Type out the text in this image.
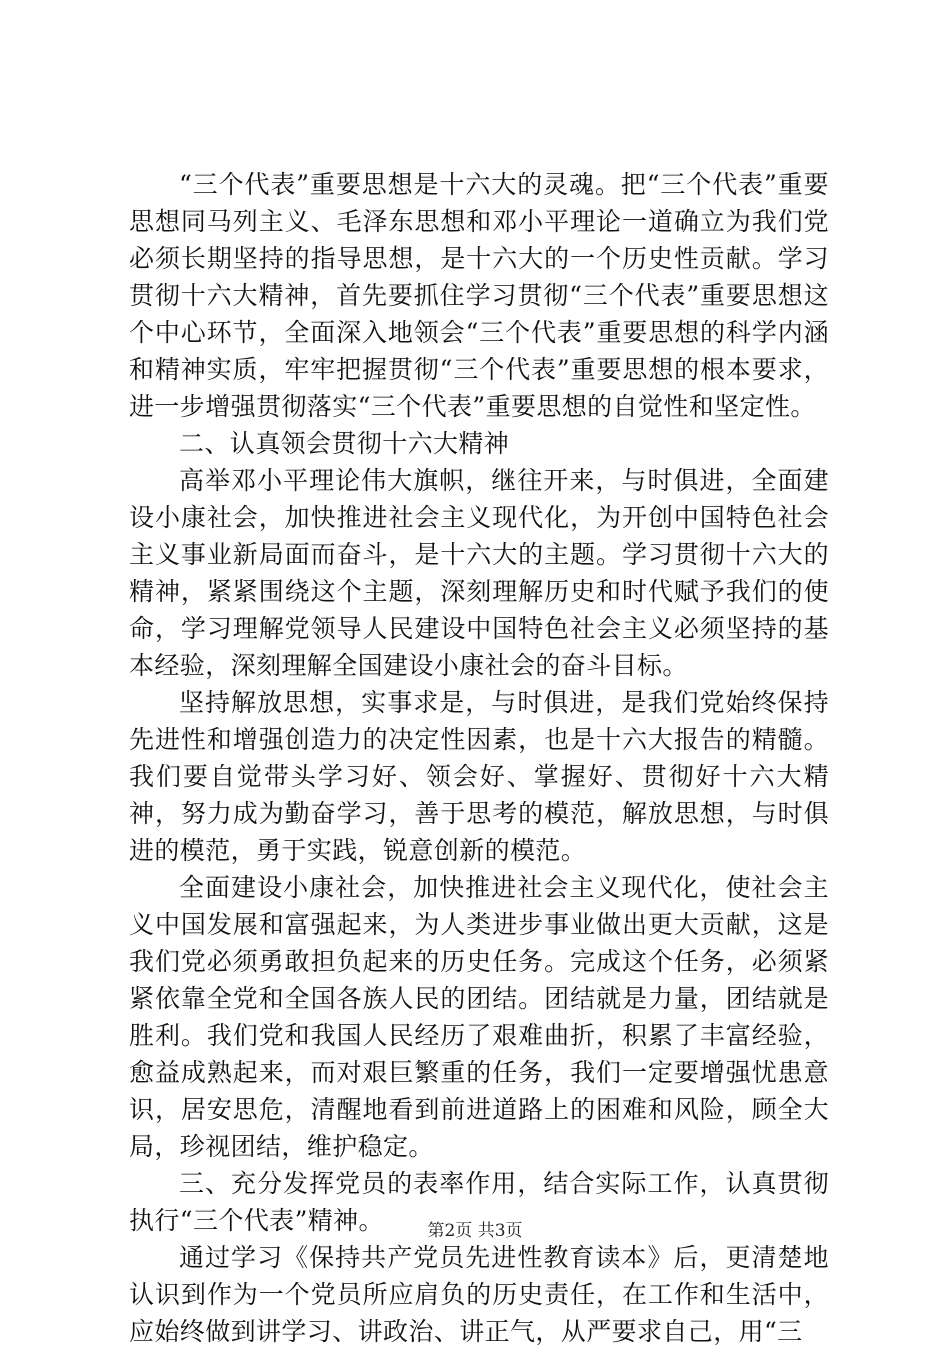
“三个代表”重要思想是十六大的灵魂。把“三个代表”重要思想同马列主义、毛泽东思想和邓小平理论一道确立为我们党必须长期坚持的指导思想，是十六大的一个历史性贡献。学习贯彻十六大精神，首先要抓住学习贯彻“三个代表”重要思想这个中心环节，全面深入地领会“三个代表”重要思想的科学内涵和精神实质，牢牢把握贯彻“三个代表”重要思想的根本要求，进一步增强贯彻落实“三个代表”重要思想的自觉性和坚定性。

二、认真领会贯彻十六大精神

高举邓小平理论伟大旗帜，继往开来，与时俱进，全面建设小康社会，加快推进社会主义现代化，为开创中国特色社会主义事业新局面而奋斗，是十六大的主题。学习贯彻十六大的精神，紧紧围绕这个主题，深刻理解历史和时代赋予我们的使命，学习理解党领导人民建设中国特色社会主义必须坚持的基本经验，深刻理解全国建设小康社会的奋斗目标。

坚持解放思想，实事求是，与时俱进，是我们党始终保持先进性和增强创造力的决定性因素，也是十六大报告的精髓。我们要自觉带头学习好、领会好、掌握好、贯彻好十六大精神，努力成为勤奋学习，善于思考的模范，解放思想，与时俱进的模范，勇于实践，锐意创新的模范。

全面建设小康社会，加快推进社会主义现代化，使社会主义中国发展和富强起来，为人类进步事业做出更大贡献，这是我们党必须勇敢担负起来的历史任务。完成这个任务，必须紧紧依靠全党和全国各族人民的团结。团结就是力量，团结就是胜利。我们党和我国人民经历了艰难曲折，积累了丰富经验，愈益成熟起来，而对艰巨繁重的任务，我们一定要增强忧患意识，居安思危，清醒地看到前进道路上的困难和风险，顾全大局，珍视团结，维护稳定。

三、充分发挥党员的表率作用，结合实际工作，认真贯彻执行“三个代表”精神。

通过学习《保持共产党员先进性教育读本》后，更清楚地认识到作为一个党员所应肩负的历史责任，在工作和生活中，应始终做到讲学习、讲政治、讲正气，从严要求自己，用“三

第2页 共3页
